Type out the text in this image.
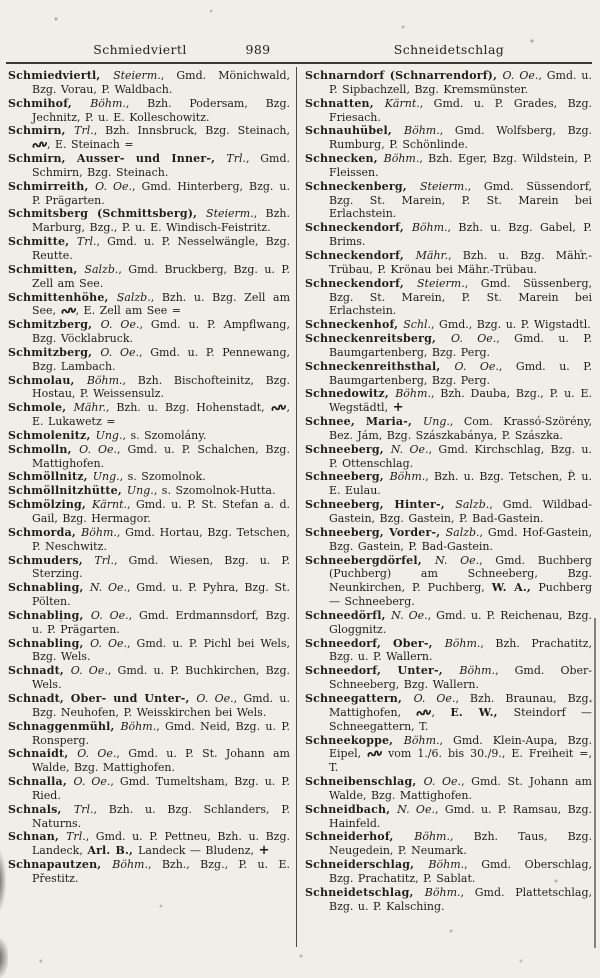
Schmiedviertl	989	Schneidetschlag

Schmiedviertl, Steierm., Gmd. Mönichwald, Bzg. Vorau, P. Waldbach.

Schmihof, Böhm., Bzh. Podersam, Bzg. Jechnitz, P. u. E. Kolleschowitz.

Schmirn, Trl., Bzh. Innsbruck, Bzg. Steinach, , E. Steinach =

Schmirn, Ausser- und Inner-, Trl., Gmd. Schmirn, Bzg. Steinach.

Schmirreith, O. Oe., Gmd. Hinterberg, Bzg. u. P. Prägarten.

Schmitsberg (Schmittsberg), Steierm., Bzh. Marburg, Bzg., P. u. E. Windisch-Feistritz.

Schmitte, Trl., Gmd. u. P. Nesselwängle, Bzg. Reutte.

Schmitten, Salzb., Gmd. Bruckberg, Bzg. u. P. Zell am See.

Schmittenhöhe, Salzb., Bzh. u. Bzg. Zell am See, , E. Zell am See =

Schmitzberg, O. Oe., Gmd. u. P. Ampflwang, Bzg. Vöcklabruck.

Schmitzberg, O. Oe., Gmd. u. P. Pennewang, Bzg. Lambach.

Schmolau, Böhm., Bzh. Bischofteinitz, Bzg. Hostau, P. Weissensulz.

Schmole, Mähr., Bzh. u. Bzg. Hohenstadt, , E. Lukawetz =

Schmolenitz, Ung., s. Szomolány.

Schmolln, O. Oe., Gmd. u. P. Schalchen, Bzg. Mattighofen.

Schmöllnitz, Ung., s. Szomolnok.

Schmöllnitzhütte, Ung., s. Szomolnok-Hutta.

Schmölzing, Kärnt., Gmd. u. P. St. Stefan a. d. Gail, Bzg. Hermagor.

Schmorda, Böhm., Gmd. Hortau, Bzg. Tetschen, P. Neschwitz.

Schmuders, Trl., Gmd. Wiesen, Bzg. u. P. Sterzing.

Schnabling, N. Oe., Gmd. u. P. Pyhra, Bzg. St. Pölten.

Schnabling, O. Oe., Gmd. Erdmannsdorf, Bzg. u. P. Prägarten.

Schnabling, O. Oe., Gmd. u. P. Pichl bei Wels, Bzg. Wels.

Schnadt, O. Oe., Gmd. u. P. Buchkirchen, Bzg. Wels.

Schnadt, Ober- und Unter-, O. Oe., Gmd. u. Bzg. Neuhofen, P. Weisskirchen bei Wels.

Schnaggenmühl, Böhm., Gmd. Neid, Bzg. u. P. Ronsperg.

Schnaidt, O. Oe., Gmd. u. P. St. Johann am Walde, Bzg. Mattighofen.

Schnalla, O. Oe., Gmd. Tumeltsham, Bzg. u. P. Ried.

Schnals, Trl., Bzh. u. Bzg. Schlanders, P. Naturns.

Schnan, Trl., Gmd. u. P. Pettneu, Bzh. u. Bzg. Landeck, Arl. B., Landeck — Bludenz, +

Schnapautzen, Böhm., Bzh., Bzg., P. u. E. Přestitz.

Schnarndorf (Schnarrendorf), O. Oe., Gmd. u. P. Sipbachzell, Bzg. Kremsmünster.

Schnatten, Kärnt., Gmd. u. P. Grades, Bzg. Friesach.

Schnauhübel, Böhm., Gmd. Wolfsberg, Bzg. Rumburg, P. Schönlinde.

Schnecken, Böhm., Bzh. Eger, Bzg. Wildstein, P. Fleissen.

Schneckenberg, Steierm., Gmd. Süssendorf, Bzg. St. Marein, P. St. Marein bei Erlachstein.

Schneckendorf, Böhm., Bzh. u. Bzg. Gabel, P. Brims.

Schneckendorf, Mähr., Bzh. u. Bzg. Mähr.-Trübau, P. Krönau bei Mähr.-Trübau.

Schneckendorf, Steierm., Gmd. Süssenberg, Bzg. St. Marein, P. St. Marein bei Erlachstein.

Schneckenhof, Schl., Gmd., Bzg. u. P. Wigstadtl.

Schneckenreitsberg, O. Oe., Gmd. u. P. Baumgartenberg, Bzg. Perg.

Schneckenreithsthal, O. Oe., Gmd. u. P. Baumgartenberg, Bzg. Perg.

Schnedowitz, Böhm., Bzh. Dauba, Bzg., P. u. E. Wegstädtl, +

Schnee, Maria-, Ung., Com. Krassó-Szörény, Bez. Jám, Bzg. Szászkabánya, P. Szászka.

Schneeberg, N. Oe., Gmd. Kirchschlag, Bzg. u. P. Ottenschlag.

Schneeberg, Böhm., Bzh. u. Bzg. Tetschen, P. u. E. Eulau.

Schneeberg, Hinter-, Salzb., Gmd. Wildbad-Gastein, Bzg. Gastein, P. Bad-Gastein.

Schneeberg, Vorder-, Salzb., Gmd. Hof-Gastein, Bzg. Gastein, P. Bad-Gastein.

Schneebergdörfel, N. Oe., Gmd. Buchberg (Puchberg) am Schneeberg, Bzg. Neunkirchen, P. Puchberg, W. A., Puchberg — Schneeberg.

Schneedörfl, N. Oe., Gmd. u. P. Reichenau, Bzg. Gloggnitz.

Schneedorf, Ober-, Böhm., Bzh. Prachatitz, Bzg. u. P. Wallern.

Schneedorf, Unter-, Böhm., Gmd. Ober-Schneeberg, Bzg. Wallern.

Schneegattern, O. Oe., Bzh. Braunau, Bzg. Mattighofen, , E. W., Steindorf — Schneegattern, T.

Schneekoppe, Böhm., Gmd. Klein-Aupa, Bzg. Eipel,  vom 1./6. bis 30./9., E. Freiheit =, T.

Schneibenschlag, O. Oe., Gmd. St. Johann am Walde, Bzg. Mattighofen.

Schneidbach, N. Oe., Gmd. u. P. Ramsau, Bzg. Hainfeld.

Schneiderhof, Böhm., Bzh. Taus, Bzg. Neugedein, P. Neumark.

Schneiderschlag, Böhm., Gmd. Oberschlag, Bzg. Prachatitz, P. Sablat.

Schneidetschlag, Böhm., Gmd. Plattetschlag, Bzg. u. P. Kalsching.
